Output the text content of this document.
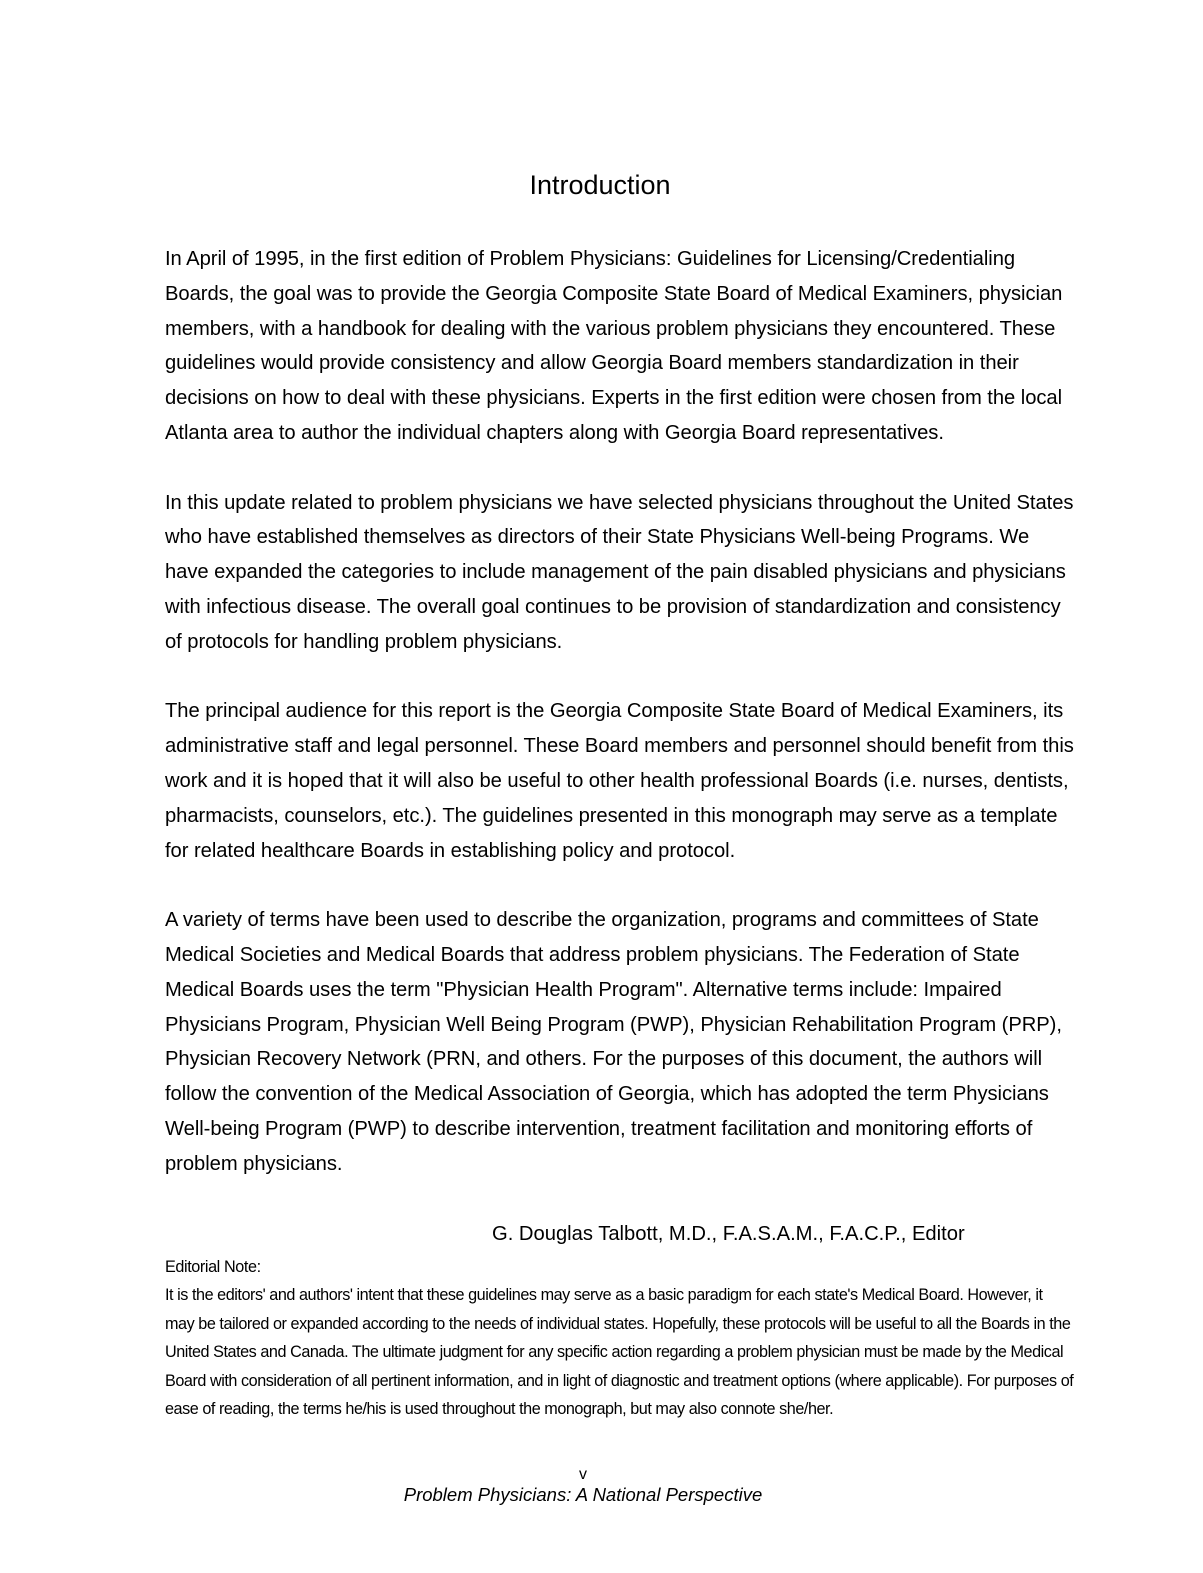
Introduction

In April of 1995, in the first edition of Problem Physicians: Guidelines for Licensing/Credentialing Boards, the goal was to provide the Georgia Composite State Board of Medical Examiners, physician members, with a handbook for dealing with the various problem physicians they encountered. These guidelines would provide consistency and allow Georgia Board members standardization in their decisions on how to deal with these physicians. Experts in the first edition were chosen from the local Atlanta area to author the individual chapters along with Georgia Board representatives.

In this update related to problem physicians we have selected physicians throughout the United States who have established themselves as directors of their State Physicians Well-being Programs. We have expanded the categories to include management of the pain disabled physicians and physicians with infectious disease. The overall goal continues to be provision of standardization and consistency of protocols for handling problem physicians.

The principal audience for this report is the Georgia Composite State Board of Medical Examiners, its administrative staff and legal personnel. These Board members and personnel should benefit from this work and it is hoped that it will also be useful to other health professional Boards (i.e. nurses, dentists, pharmacists, counselors, etc.). The guidelines presented in this monograph may serve as a template for related healthcare Boards in establishing policy and protocol.

A variety of terms have been used to describe the organization, programs and committees of State Medical Societies and Medical Boards that address problem physicians. The Federation of State Medical Boards uses the term "Physician Health Program". Alternative terms include: Impaired Physicians Program, Physician Well Being Program (PWP), Physician Rehabilitation Program (PRP), Physician Recovery Network (PRN, and others. For the purposes of this document, the authors will follow the convention of the Medical Association of Georgia, which has adopted the term Physicians Well-being Program (PWP) to describe intervention, treatment facilitation and monitoring efforts of problem physicians.

G. Douglas Talbott, M.D., F.A.S.A.M., F.A.C.P., Editor
Editorial Note:

It is the editors' and authors' intent that these guidelines may serve as a basic paradigm for each state's Medical Board. However, it may be tailored or expanded according to the needs of individual states. Hopefully, these protocols will be useful to all the Boards in the United States and Canada. The ultimate judgment for any specific action regarding a problem physician must be made by the Medical Board with consideration of all pertinent information, and in light of diagnostic and treatment options (where applicable). For purposes of ease of reading, the terms he/his is used throughout the monograph, but may also connote she/her.

v
Problem Physicians: A National Perspective
